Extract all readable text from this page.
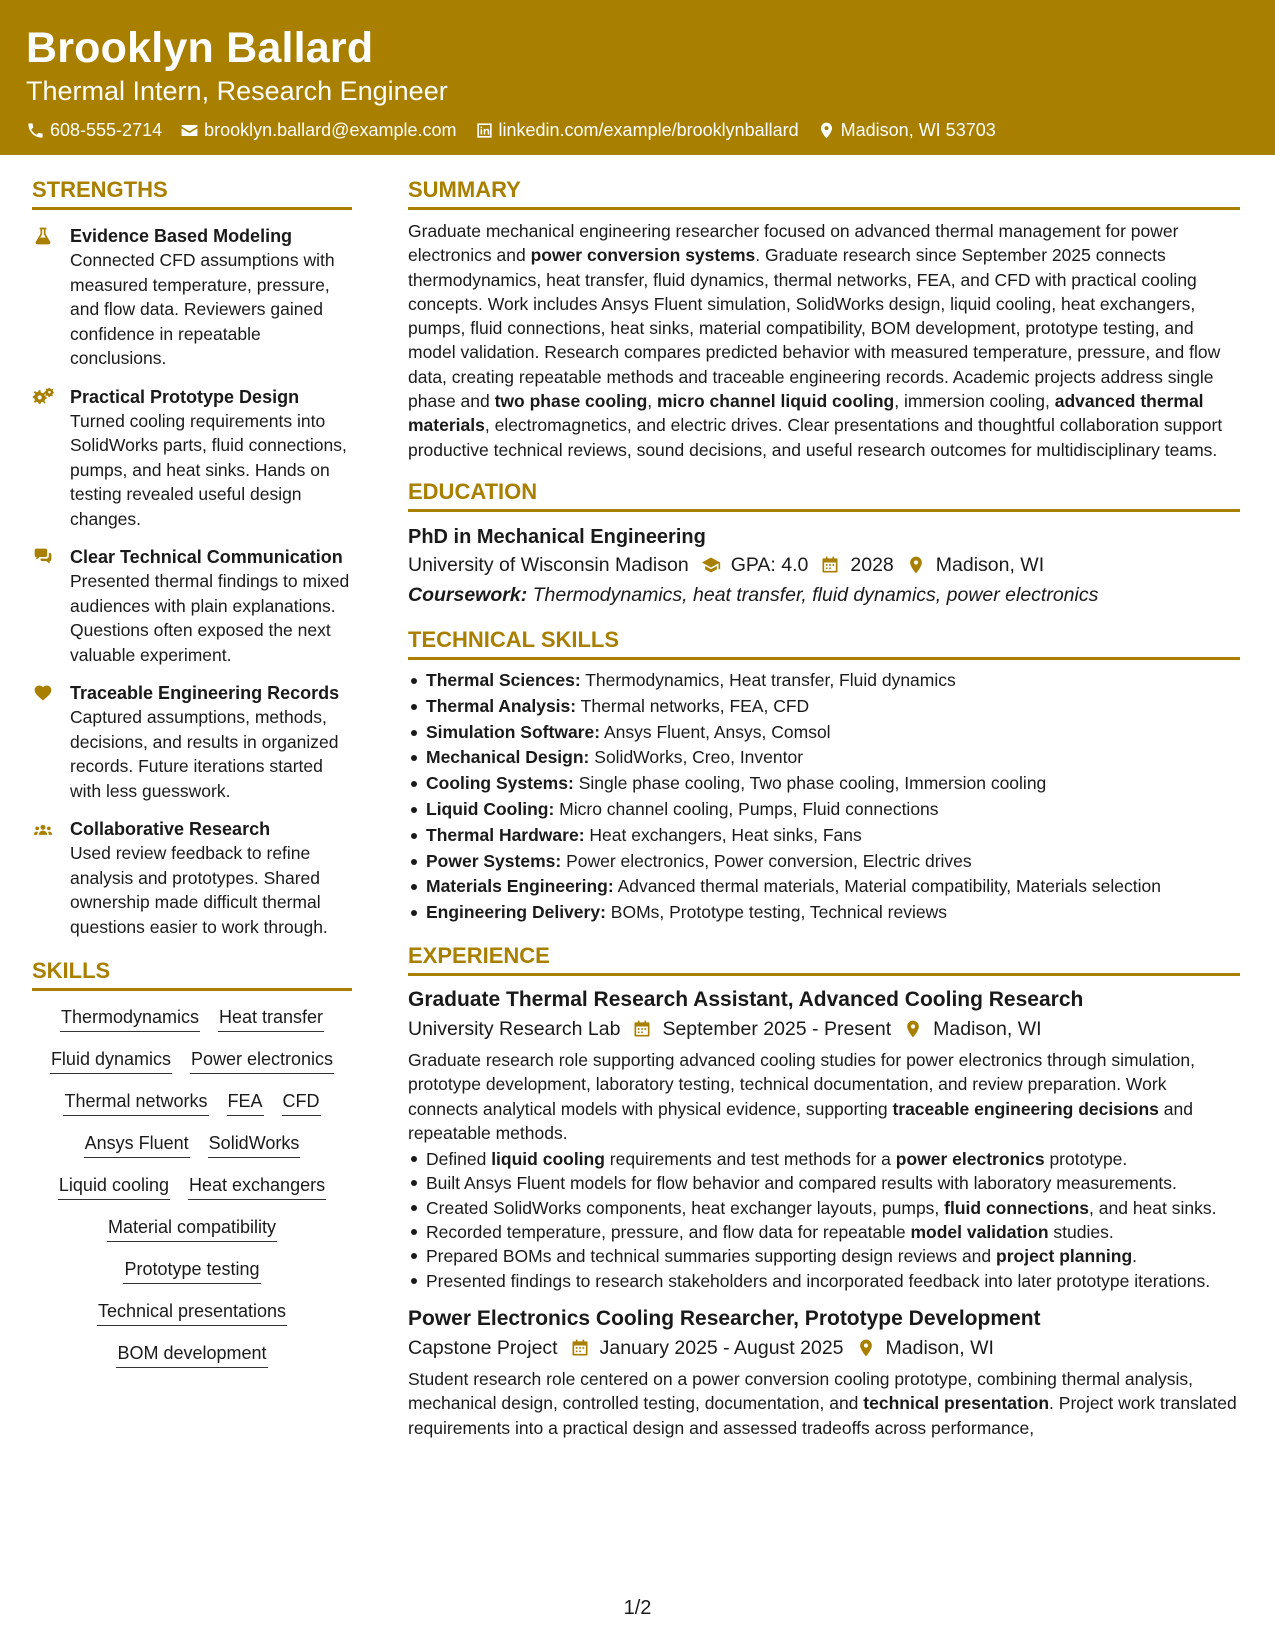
Brooklyn Ballard
Thermal Intern, Research Engineer
608-555-2714 brooklyn.ballard@example.com linkedin.com/example/brooklynballard Madison, WI 53703
STRENGTHS
Evidence Based Modeling
Connected CFD assumptions with measured temperature, pressure, and flow data. Reviewers gained confidence in repeatable conclusions.
Practical Prototype Design
Turned cooling requirements into SolidWorks parts, fluid connections, pumps, and heat sinks. Hands on testing revealed useful design changes.
Clear Technical Communication
Presented thermal findings to mixed audiences with plain explanations. Questions often exposed the next valuable experiment.
Traceable Engineering Records
Captured assumptions, methods, decisions, and results in organized records. Future iterations started with less guesswork.
Collaborative Research
Used review feedback to refine analysis and prototypes. Shared ownership made difficult thermal questions easier to work through.
SKILLS
Thermodynamics Heat transfer
Fluid dynamics Power electronics
Thermal networks FEA CFD
Ansys Fluent SolidWorks
Liquid cooling Heat exchangers
Material compatibility
Prototype testing
Technical presentations
BOM development
SUMMARY
Graduate mechanical engineering researcher focused on advanced thermal management for power electronics and power conversion systems. Graduate research since September 2025 connects thermodynamics, heat transfer, fluid dynamics, thermal networks, FEA, and CFD with practical cooling concepts. Work includes Ansys Fluent simulation, SolidWorks design, liquid cooling, heat exchangers, pumps, fluid connections, heat sinks, material compatibility, BOM development, prototype testing, and model validation. Research compares predicted behavior with measured temperature, pressure, and flow data, creating repeatable methods and traceable engineering records. Academic projects address single phase and two phase cooling, micro channel liquid cooling, immersion cooling, advanced thermal materials, electromagnetics, and electric drives. Clear presentations and thoughtful collaboration support productive technical reviews, sound decisions, and useful research outcomes for multidisciplinary teams.
EDUCATION
PhD in Mechanical Engineering
University of Wisconsin Madison GPA: 4.0 2028 Madison, WI
Coursework: Thermodynamics, heat transfer, fluid dynamics, power electronics
TECHNICAL SKILLS
Thermal Sciences: Thermodynamics, Heat transfer, Fluid dynamics
Thermal Analysis: Thermal networks, FEA, CFD
Simulation Software: Ansys Fluent, Ansys, Comsol
Mechanical Design: SolidWorks, Creo, Inventor
Cooling Systems: Single phase cooling, Two phase cooling, Immersion cooling
Liquid Cooling: Micro channel cooling, Pumps, Fluid connections
Thermal Hardware: Heat exchangers, Heat sinks, Fans
Power Systems: Power electronics, Power conversion, Electric drives
Materials Engineering: Advanced thermal materials, Material compatibility, Materials selection
Engineering Delivery: BOMs, Prototype testing, Technical reviews
EXPERIENCE
Graduate Thermal Research Assistant, Advanced Cooling Research
University Research Lab September 2025 - Present Madison, WI
Graduate research role supporting advanced cooling studies for power electronics through simulation, prototype development, laboratory testing, technical documentation, and review preparation. Work connects analytical models with physical evidence, supporting traceable engineering decisions and repeatable methods.
Defined liquid cooling requirements and test methods for a power electronics prototype.
Built Ansys Fluent models for flow behavior and compared results with laboratory measurements.
Created SolidWorks components, heat exchanger layouts, pumps, fluid connections, and heat sinks.
Recorded temperature, pressure, and flow data for repeatable model validation studies.
Prepared BOMs and technical summaries supporting design reviews and project planning.
Presented findings to research stakeholders and incorporated feedback into later prototype iterations.
Power Electronics Cooling Researcher, Prototype Development
Capstone Project January 2025 - August 2025 Madison, WI
Student research role centered on a power conversion cooling prototype, combining thermal analysis, mechanical design, controlled testing, documentation, and technical presentation. Project work translated requirements into a practical design and assessed tradeoffs across performance,
1/2
